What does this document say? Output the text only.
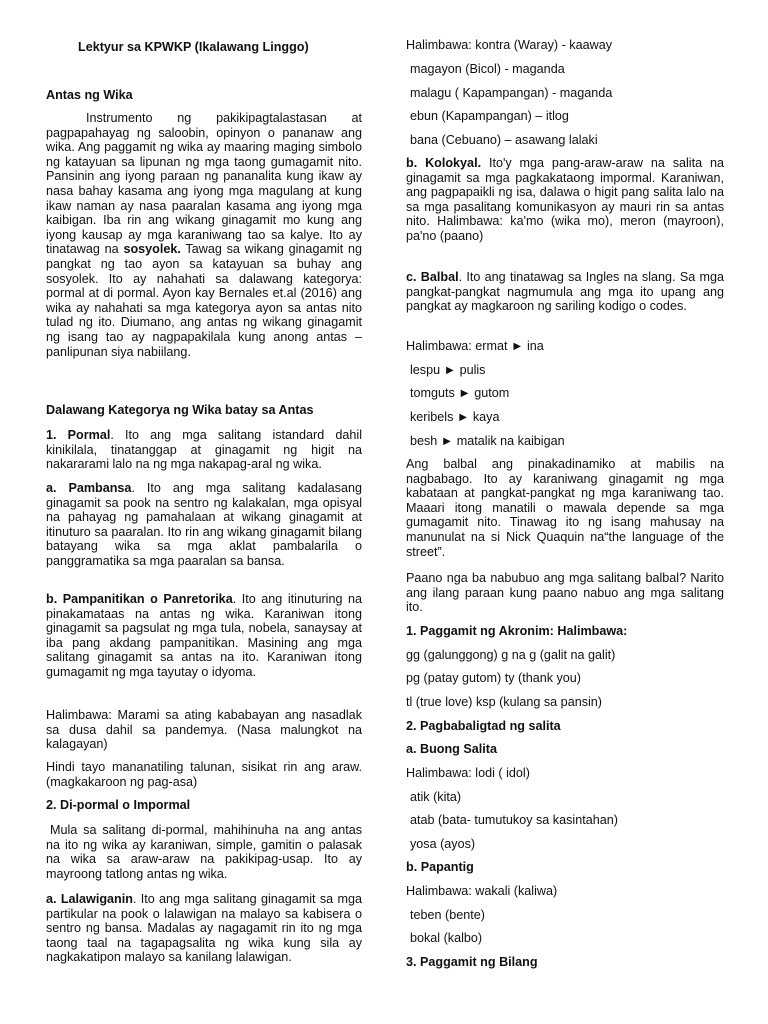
Lektyur sa KPWKP (Ikalawang Linggo)

Antas ng Wika

Instrumento ng pakikipagtalastasan at pagpapahayag ng saloobin, opinyon o pananaw ang wika. Ang paggamit ng wika ay maaring maging simbolo ng katayuan sa lipunan ng mga taong gumagamit nito. Pansinin ang iyong paraan ng pananalita kung ikaw ay nasa bahay kasama ang iyong mga magulang at kung ikaw naman ay nasa paaralan kasama ang iyong mga kaibigan. Iba rin ang wikang ginagamit mo kung ang iyong kausap ay mga karaniwang tao sa kalye. Ito ay tinatawag na sosyolek. Tawag sa wikang ginagamit ng pangkat ng tao ayon sa katayuan sa buhay ang sosyolek. Ito ay nahahati sa dalawang kategorya: pormal at di pormal. Ayon kay Bernales et.al (2016) ang wika ay nahahati sa mga kategorya ayon sa antas nito tulad ng ito. Diumano, ang antas ng wikang ginagamit ng isang tao ay nagpapakilala kung anong antas – panlipunan siya nabiilang.

Dalawang Kategorya ng Wika batay sa Antas

1. Pormal. Ito ang mga salitang istandard dahil kinikilala, tinatanggap at ginagamit ng higit na nakararami lalo na ng mga nakapag-aral ng wika.

a. Pambansa. Ito ang mga salitang kadalasang ginagamit sa pook na sentro ng kalakalan, mga opisyal na pahayag ng pamahalaan at wikang ginagamit at itinuturo sa paaralan. Ito rin ang wikang ginagamit bilang batayang wika sa mga aklat pambalarila o panggramatika sa mga paaralan sa bansa.

b. Pampanitikan o Panretorika. Ito ang itinuturing na pinakamataas na antas ng wika. Karaniwan itong ginagamit sa pagsulat ng mga tula, nobela, sanaysay at iba pang akdang pampanitikan. Masining ang mga salitang ginagamit sa antas na ito. Karaniwan itong gumagamit ng mga tayutay o idyoma.

Halimbawa: Marami sa ating kababayan ang nasadlak sa dusa dahil sa pandemya. (Nasa malungkot na kalagayan)

Hindi tayo mananatiling talunan, sisikat rin ang araw. (magkakaroon ng pag-asa)

2. Di-pormal o Impormal

Mula sa salitang di-pormal, mahihinuha na ang antas na ito ng wika ay karaniwan, simple, gamitin o palasak na wika sa araw-araw na pakikipag-usap. Ito ay mayroong tatlong antas ng wika.

a. Lalawiganin. Ito ang mga salitang ginagamit sa mga partikular na pook o lalawigan na malayo sa kabisera o sentro ng bansa. Madalas ay nagagamit rin ito ng mga taong taal na tagapagsalita ng wika kung sila ay nagkakatipon malayo sa kanilang lalawigan.

Halimbawa: kontra (Waray) - kaaway

magayon (Bicol) - maganda

malagu ( Kapampangan) - maganda

ebun (Kapampangan) – itlog

bana (Cebuano) – asawang lalaki

b. Kolokyal. Ito'y mga pang-araw-araw na salita na ginagamit sa mga pagkakataong impormal. Karaniwan, ang pagpapaikli ng isa, dalawa o higit pang salita lalo na sa mga pasalitang komunikasyon ay mauri rin sa antas nito. Halimbawa: ka'mo (wika mo), meron (mayroon), pa'no (paano)

c. Balbal. Ito ang tinatawag sa Ingles na slang. Sa mga pangkat-pangkat nagmumula ang mga ito upang ang pangkat ay magkaroon ng sariling kodigo o codes.

Halimbawa: ermat ► ina

lespu ► pulis

tomguts ► gutom

keribels ► kaya

besh ► matalik na kaibigan

Ang balbal ang pinakadinamiko at mabilis na nagbabago. Ito ay karaniwang ginagamit ng mga kabataan at pangkat-pangkat ng mga karaniwang tao. Maaari itong manatili o mawala depende sa mga gumagamit nito. Tinawag ito ng isang mahusay na manunulat na si Nick Quaquin na“the language of the street”.

Paano nga ba nabubuo ang mga salitang balbal? Narito ang ilang paraan kung paano nabuo ang mga salitang ito.

1. Paggamit ng Akronim: Halimbawa:

gg (galunggong) g na g (galit na galit)

pg (patay gutom) ty (thank you)

tl (true love) ksp (kulang sa pansin)

2. Pagbabaligtad ng salita

a. Buong Salita

Halimbawa: lodi ( idol)

atik (kita)

atab (bata- tumutukoy sa kasintahan)

yosa (ayos)

b. Papantig

Halimbawa: wakali (kaliwa)

teben (bente)

bokal (kalbo)

3. Paggamit ng Bilang
